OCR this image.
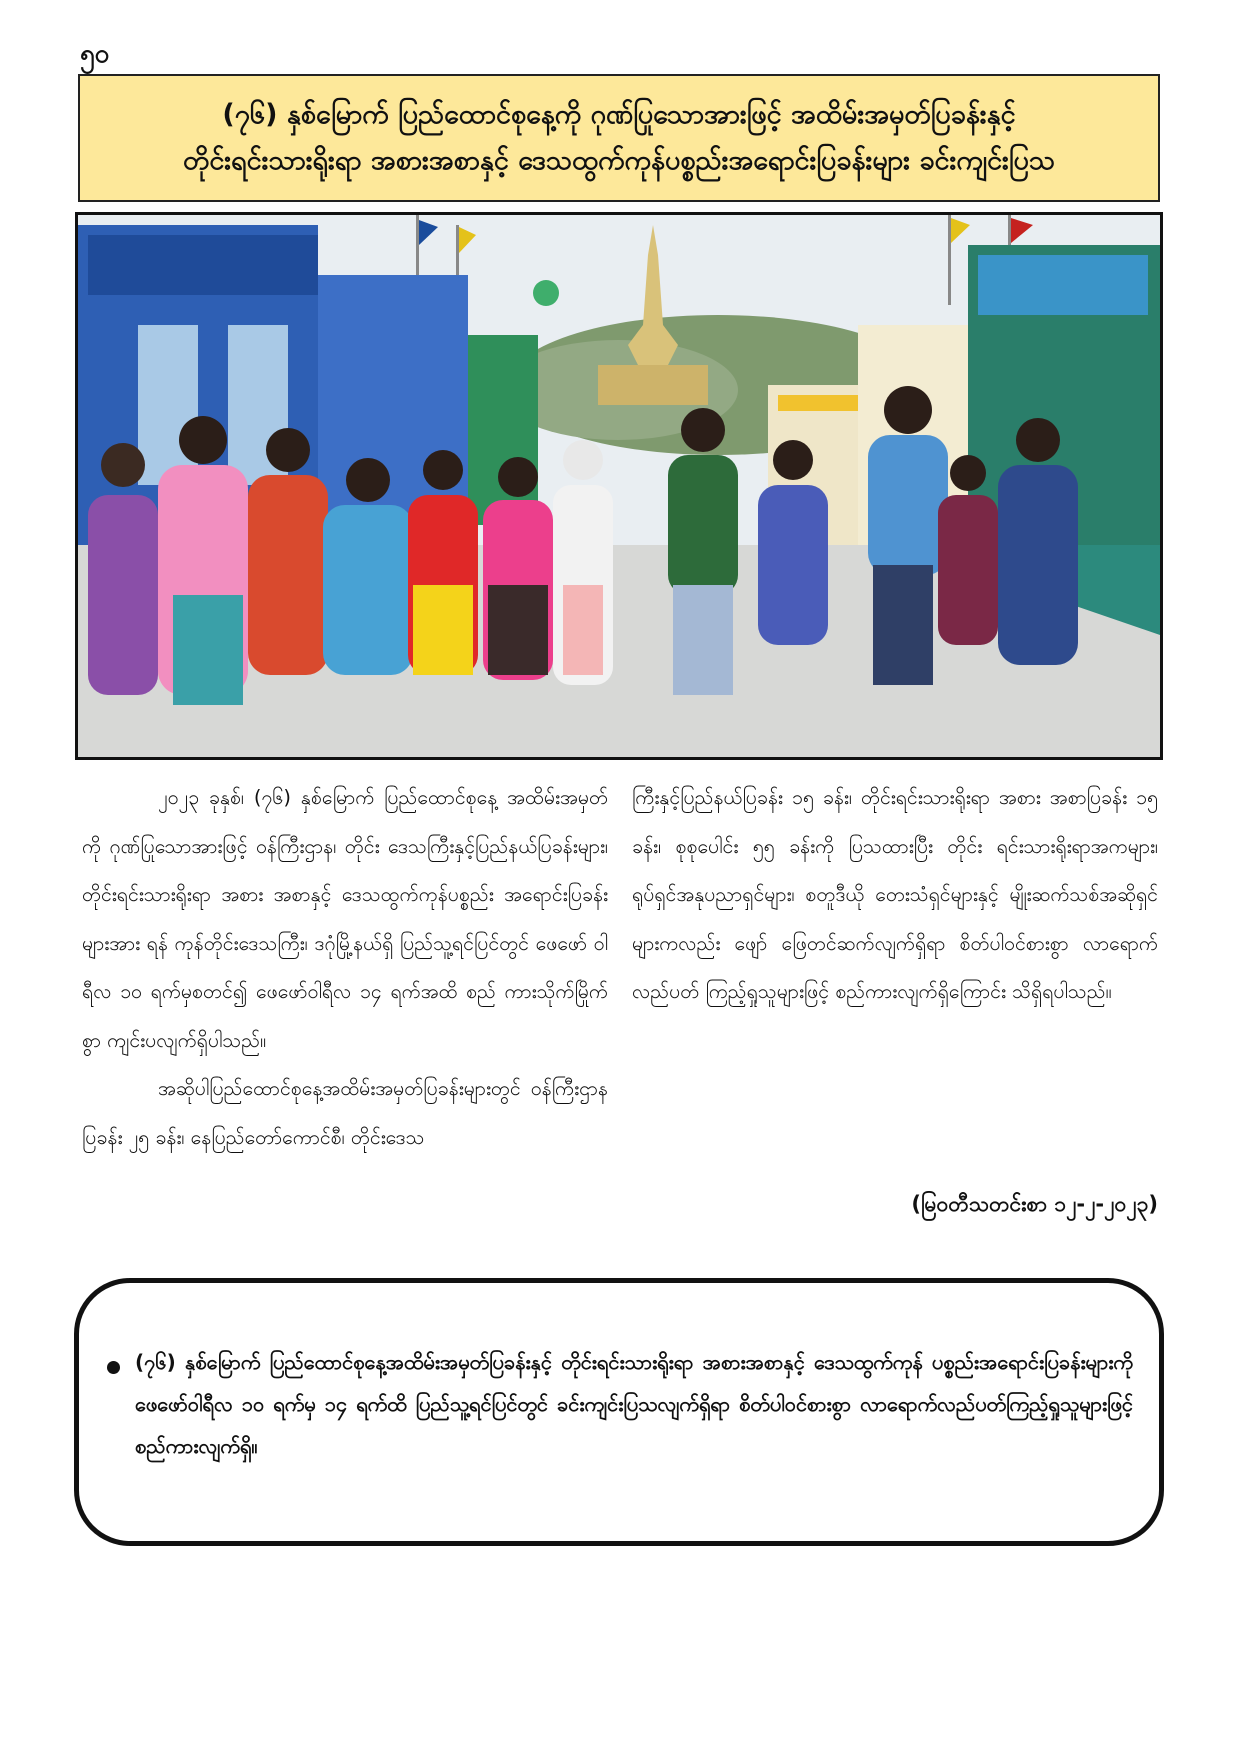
၅၀
(၇၆) နှစ်မြောက် ပြည်ထောင်စုနေ့ကို ဂုဏ်ပြုသောအားဖြင့် အထိမ်းအမှတ်ပြခန်းနှင့်
တိုင်းရင်းသားရိုးရာ အစားအစာနှင့် ဒေသထွက်ကုန်ပစ္စည်းအရောင်းပြခန်းများ ခင်းကျင်းပြသ

၂၀၂၃ ခုနှစ်၊ (၇၆) နှစ်မြောက် ပြည်ထောင်စုနေ့ အထိမ်းအမှတ်ကို ဂုဏ်ပြုသောအားဖြင့် ဝန်ကြီးဌာန၊ တိုင်း ဒေသကြီးနှင့်ပြည်နယ်ပြခန်းများ၊ တိုင်းရင်းသားရိုးရာ အစား အစာနှင့် ဒေသထွက်ကုန်ပစ္စည်း အရောင်းပြခန်းများအား ရန် ကုန်တိုင်းဒေသကြီး၊ ဒဂုံမြို့နယ်ရှိ ပြည်သူ့ရင်ပြင်တွင် ဖေဖော် ဝါရီလ ၁၀ ရက်မှစတင်၍ ဖေဖော်ဝါရီလ ၁၄ ရက်အထိ စည် ကားသိုက်မြိုက်စွာ ကျင်းပလျက်ရှိပါသည်။

အဆိုပါပြည်ထောင်စုနေ့အထိမ်းအမှတ်ပြခန်းများတွင် ဝန်ကြီးဌာနပြခန်း ၂၅ ခန်း၊ နေပြည်တော်ကောင်စီ၊ တိုင်းဒေသ

ကြီးနှင့်ပြည်နယ်ပြခန်း ၁၅ ခန်း၊ တိုင်းရင်းသားရိုးရာ အစား အစာပြခန်း ၁၅ ခန်း၊ စုစုပေါင်း ၅၅ ခန်းကို ပြသထားပြီး တိုင်း ရင်းသားရိုးရာအကများ၊ ရုပ်ရှင်အနုပညာရှင်များ၊ စတူဒီယို တေးသံရှင်များနှင့် မျိုးဆက်သစ်အဆိုရှင်များကလည်း ဖျော် ဖြေတင်ဆက်လျက်ရှိရာ စိတ်ပါဝင်စားစွာ လာရောက်လည်ပတ် ကြည့်ရှုသူများဖြင့် စည်ကားလျက်ရှိကြောင်း သိရှိရပါသည်။

(မြဝတီသတင်းစာ ၁၂-၂-၂၀၂၃)
(၇၆) နှစ်မြောက် ပြည်ထောင်စုနေ့အထိမ်းအမှတ်ပြခန်းနှင့် တိုင်းရင်းသားရိုးရာ အစားအစာနှင့် ဒေသထွက်ကုန် ပစ္စည်းအရောင်းပြခန်းများကို ဖေဖော်ဝါရီလ ၁၀ ရက်မှ ၁၄ ရက်ထိ ပြည်သူ့ရင်ပြင်တွင် ခင်းကျင်းပြသလျက်ရှိရာ စိတ်ပါဝင်စားစွာ လာရောက်လည်ပတ်ကြည့်ရှုသူများဖြင့် စည်ကားလျက်ရှိ။
